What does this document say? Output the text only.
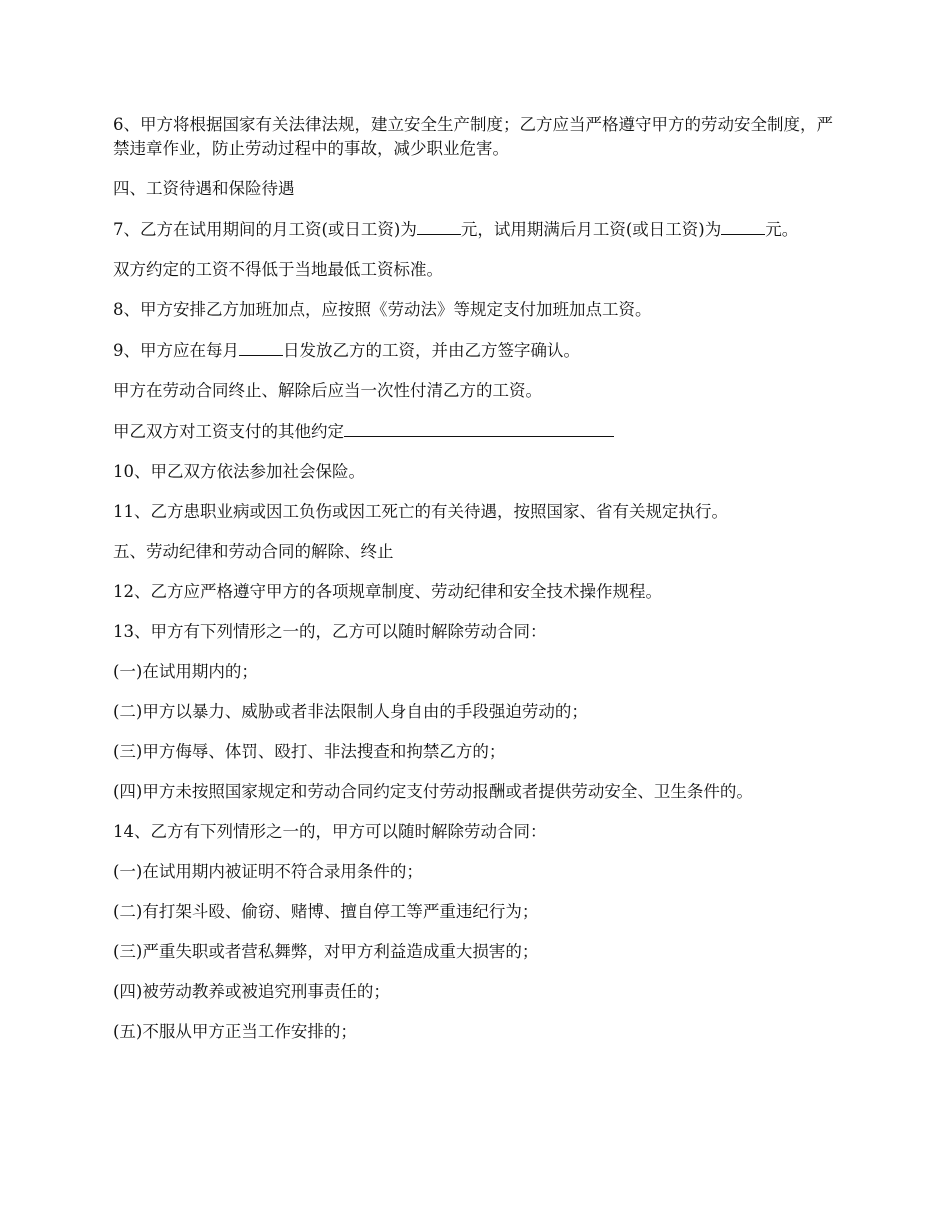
6、甲方将根据国家有关法律法规，建立安全生产制度；乙方应当严格遵守甲方的劳动安全制度，严禁违章作业，防止劳动过程中的事故，减少职业危害。

四、工资待遇和保险待遇

7、乙方在试用期间的月工资(或日工资)为	元，试用期满后月工资(或日工资)为	元。

双方约定的工资不得低于当地最低工资标准。

8、甲方安排乙方加班加点，应按照《劳动法》等规定支付加班加点工资。

9、甲方应在每月	日发放乙方的工资，并由乙方签字确认。

甲方在劳动合同终止、解除后应当一次性付清乙方的工资。

甲乙双方对工资支付的其他约定

10、甲乙双方依法参加社会保险。

11、乙方患职业病或因工负伤或因工死亡的有关待遇，按照国家、省有关规定执行。

五、劳动纪律和劳动合同的解除、终止

12、乙方应严格遵守甲方的各项规章制度、劳动纪律和安全技术操作规程。

13、甲方有下列情形之一的，乙方可以随时解除劳动合同：

(一)在试用期内的；

(二)甲方以暴力、威胁或者非法限制人身自由的手段强迫劳动的；

(三)甲方侮辱、体罚、殴打、非法搜查和拘禁乙方的；

(四)甲方未按照国家规定和劳动合同约定支付劳动报酬或者提供劳动安全、卫生条件的。

14、乙方有下列情形之一的，甲方可以随时解除劳动合同：

(一)在试用期内被证明不符合录用条件的；

(二)有打架斗殴、偷窃、赌博、擅自停工等严重违纪行为；

(三)严重失职或者营私舞弊，对甲方利益造成重大损害的；

(四)被劳动教养或被追究刑事责任的；

(五)不服从甲方正当工作安排的；
